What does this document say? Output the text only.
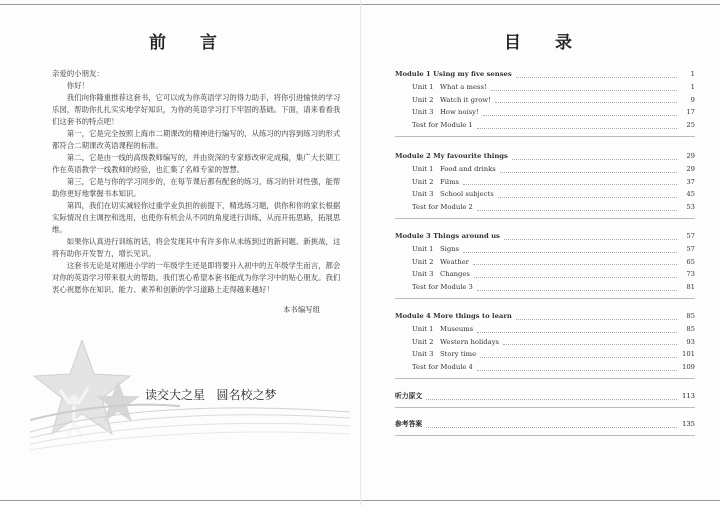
前 言

亲爱的小朋友：

你好！

我们向你隆重推荐这套书，它可以成为你英语学习的得力助手，将你引进愉快的学习乐园，帮助你扎扎实实地学好知识，为你的英语学习打下牢固的基础。下面，请来看看我们这套书的特点吧！

第一，它是完全按照上海市二期课改的精神进行编写的，从练习的内容到练习的形式都符合二期课改英语课程的标准。

第二，它是由一线的高级教师编写的，并由资深的专家修改审定成稿，集广大长期工作在英语教学一线教师的经验，也汇集了名师专家的智慧。

第三，它是与你的学习同步的，在每节课后都有配套的练习，练习的针对性强，能帮助你更好地掌握书本知识。

第四，我们在切实减轻你过重学业负担的前提下，精选练习题，供你和你的家长根据实际情况自主调控和选用，也使你有机会从不同的角度进行训练，从而开拓思路，拓展思维。

如果你认真进行训练的话，将会发现其中有许多你从未练到过的新问题、新挑战，这将有助你开发智力，增长见识。

这套书无论是对刚进小学的一年级学生还是即将要升入初中的五年级学生而言，都会对你的英语学习带来很大的帮助。我们衷心希望本套书能成为你学习中的贴心朋友。我们衷心祝愿你在知识、能力、素养和创新的学习道路上走得越来越好！

本书编写组

读交大之星   圆名校之梦
目 录
Module 1 Using my five senses	1
Unit 1 What a mess!	1
Unit 2 Watch it grow!	9
Unit 3 How noisy!	17
Test for Module 1	25
Module 2 My favourite things	29
Unit 1 Food and drinks	29
Unit 2 Films	37
Unit 3 School subjects	45
Test for Module 2	53
Module 3 Things around us	57
Unit 1 Signs	57
Unit 2 Weather	65
Unit 3 Changes	73
Test for Module 3	81
Module 4 More things to learn	85
Unit 1 Museums	85
Unit 2 Western holidays	93
Unit 3 Story time	101
Test for Module 4	109
听力原文	113
参考答案	135
